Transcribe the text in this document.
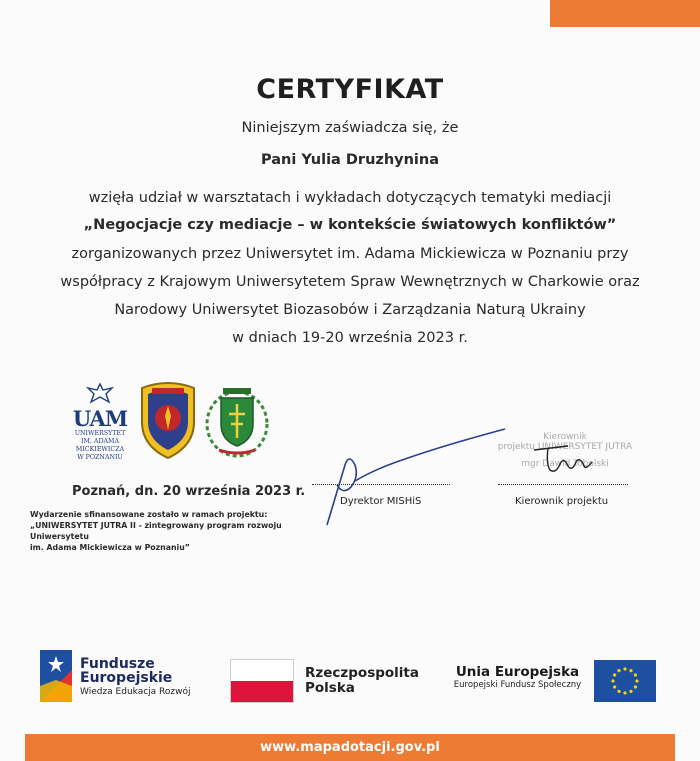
CERTYFIKAT
Niniejszym zaświadcza się, że
Pani Yulia Druzhynina
wzięła udział w warsztatach i wykładach dotyczących tematyki mediacji
„Negocjacje czy mediacje – w kontekście światowych konfliktów”
zorganizowanych przez Uniwersytet im. Adama Mickiewicza w Poznaniu przy
współpracy z Krajowym Uniwersytetem Spraw Wewnętrznych w Charkowie oraz
Narodowy Uniwersytet Biozasobów i Zarządzania Naturą Ukrainy
w dniach 19-20 września 2023 r.
UAM
UNIWERSYTET
IM. ADAMA MICKIEWICZA
W POZNANIU
Poznań, dn. 20 września 2023 r.
Wydarzenie sfinansowane zostało w ramach projektu:
„UNIWERSYTET JUTRA II - zintegrowany program rozwoju
Uniwersytetu
im. Adama Mickiewicza w Poznaniu”
Dyrektor MISHiS
Kierownik
projektu UNIWERSYTET JUTRA
mgr Dawid Tobolski
Kierownik projektu
Fundusze
Europejskie
Wiedza Edukacja Rozwój
Rzeczpospolita
Polska
Unia Europejska
Europejski Fundusz Społeczny
www.mapadotacji.gov.pl
